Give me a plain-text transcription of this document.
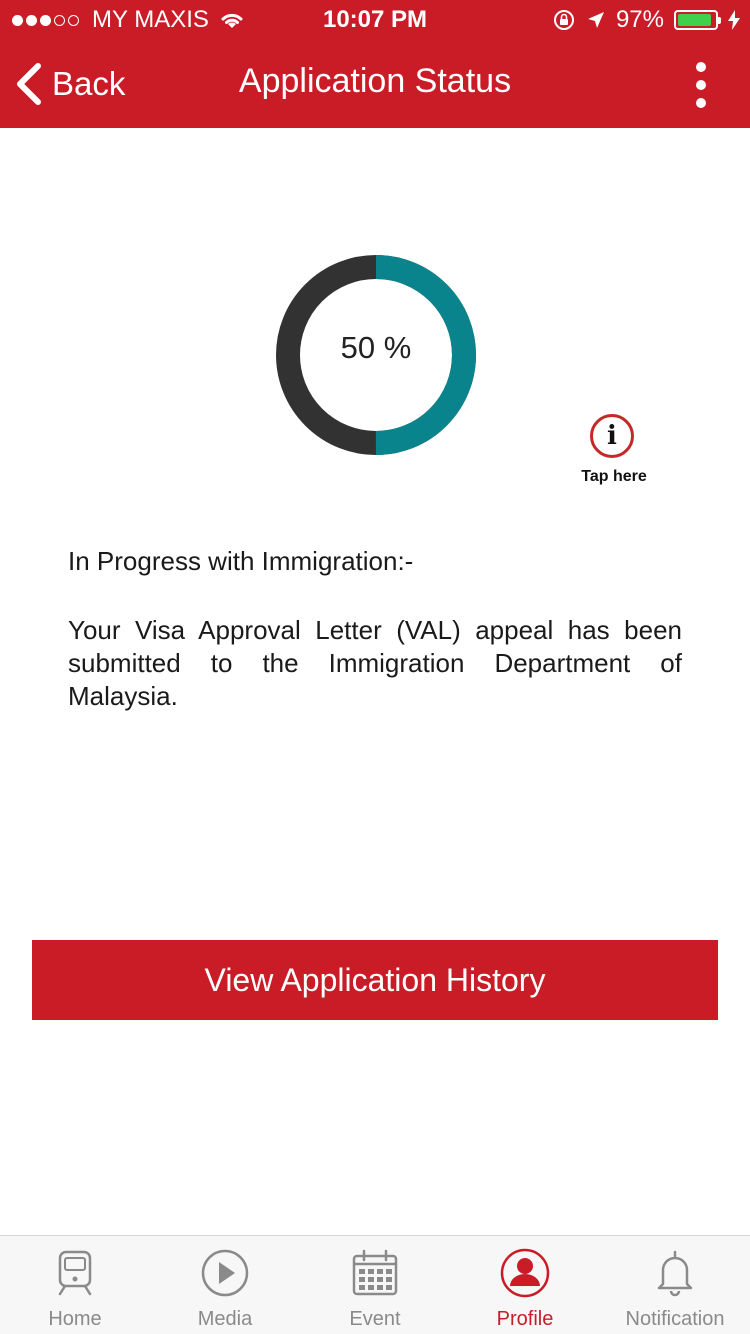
MY MAXIS	10:07 PM	97%
Back	Application Status
50 %
i
Tap here
In Progress with Immigration:-
Your Visa Approval Letter (VAL) appeal has been submitted to the Immigration Department of Malaysia.
View Application History
Home	Media	Event	Profile	Notification
